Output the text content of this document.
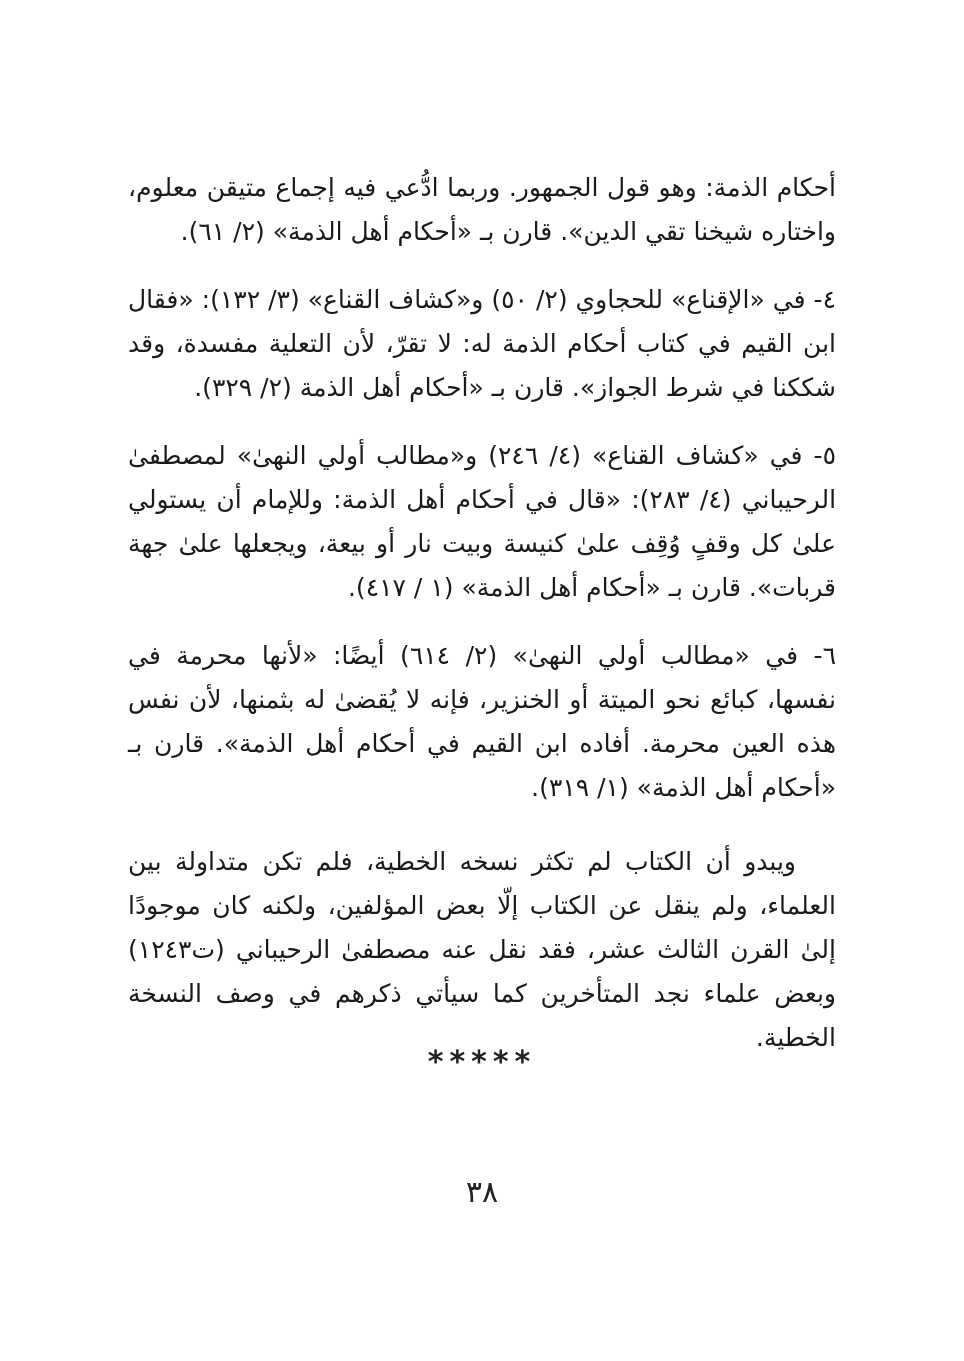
أحكام الذمة: وهو قول الجمهور. وربما ادُّعي فيه إجماع متيقن معلوم، واختاره شيخنا تقي الدين». قارن بـ «أحكام أهل الذمة» (٢/ ٦١).

٤- في «الإقناع» للحجاوي (٢/ ٥٠) و«كشاف القناع» (٣/ ١٣٢): «فقال ابن القيم في كتاب أحكام الذمة له: لا تقرّ، لأن التعلية مفسدة، وقد شككنا في شرط الجواز». قارن بـ «أحكام أهل الذمة (٢/ ٣٢٩).

٥- في «كشاف القناع» (٤/ ٢٤٦) و«مطالب أولي النهىٰ» لمصطفىٰ الرحيباني (٤/ ٢٨٣): «قال في أحكام أهل الذمة: وللإمام أن يستولي علىٰ كل وقفٍ وُقِف علىٰ كنيسة وبيت نار أو بيعة، ويجعلها علىٰ جهة قربات». قارن بـ «أحكام أهل الذمة» (١ / ٤١٧).

٦- في «مطالب أولي النهىٰ» (٢/ ٦١٤) أيضًا: «لأنها محرمة في نفسها، كبائع نحو الميتة أو الخنزير، فإنه لا يُقضىٰ له بثمنها، لأن نفس هذه العين محرمة. أفاده ابن القيم في أحكام أهل الذمة». قارن بـ «أحكام أهل الذمة» (١/ ٣١٩).

ويبدو أن الكتاب لم تكثر نسخه الخطية، فلم تكن متداولة بين العلماء، ولم ينقل عن الكتاب إلّا بعض المؤلفين، ولكنه كان موجودًا إلىٰ القرن الثالث عشر، فقد نقل عنه مصطفىٰ الرحيباني (ت١٢٤٣) وبعض علماء نجد المتأخرين كما سيأتي ذكرهم في وصف النسخة الخطية.

*****
٣٨
